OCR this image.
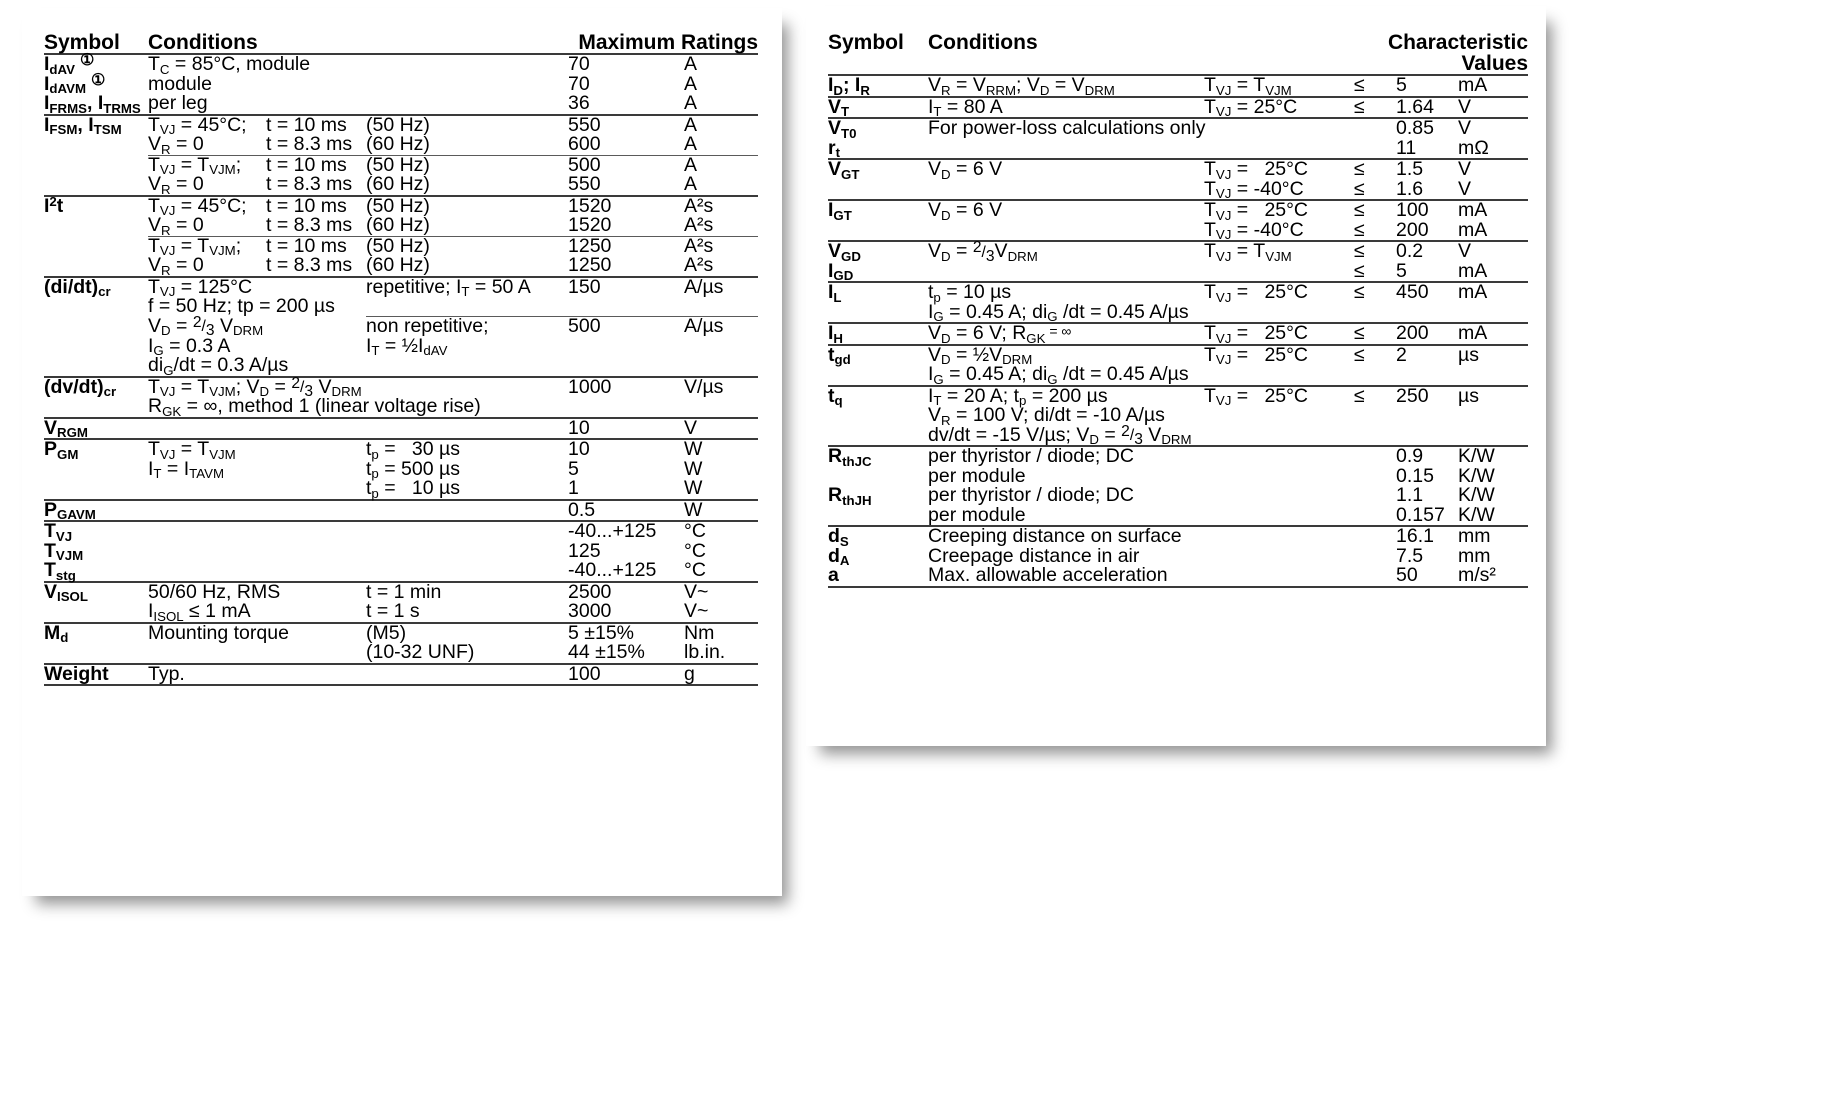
Symbol	Conditions			Maximum Ratings	
$I_{dAV}$ ①	$T_C = 85^\circ C$, module			70	A
$I_{dAVM}$ ①	module			70	A
$I_{FRMS}$, $I_{TRMS}$	per leg			36	A
$I_{FSM}$, $I_{TSM}$	$T_{VJ} = 45^\circ C$;	t = 10 ms	(50 Hz)	550	A
	$V_R = 0$	t = 8.3 ms	(60 Hz)	600	A
	$T_{VJ} = T_{VJM}$;	t = 10 ms	(50 Hz)	500	A
	$V_R = 0$	t = 8.3 ms	(60 Hz)	550	A
$I^2t$	$T_{VJ} = 45^\circ C$;	t = 10 ms	(50 Hz)	1520	A²s
	$V_R = 0$	t = 8.3 ms	(60 Hz)	1520	A²s
	$T_{VJ} = T_{VJM}$;	t = 10 ms	(50 Hz)	1250	A²s
	$V_R = 0$	t = 8.3 ms	(60 Hz)	1250	A²s
$(di/dt)_{cr}$	$T_{VJ} = 125^\circ C$		repetitive; $I_T = 50$ A	150	A/µs
	f = 50 Hz; tp = 200 µs				
	$V_D = 2/3$ $V_{DRM}$		non repetitive;	500	A/µs
	$I_G = 0.3$ A		$I_T$ = $\frac{1}{2}I_{dAV}$		
	$di_G/dt = 0.3$ A/µs				
$(dv/dt)_{cr}$	$T_{VJ} = T_{VJM}$; $V_D = 2/3$ $V_{DRM}$			1000	V/µs
	$R_{GK}$ = ∞, method 1 (linear voltage rise)				
$V_{RGM}$				10	V
$P_{GM}$	$T_{VJ} = T_{VJM}$		$t_p = 30$ µs	10	W
	$I_T = I_{TAVM}$		$t_p = 500$ µs	5	W
			$t_p = 10$ µs	1	W
$P_{GAVM}$				0.5	W
$T_{VJ}$				-40...+125	°C
$T_{VJM}$				125	°C
$T_{stg}$				-40...+125	°C
$V_{ISOL}$	50/60 Hz, RMS		t = 1 min	2500	V~
	$I_{ISOL} \le 1$ mA		t = 1 s	3000	V~
$M_d$	Mounting torque		(M5)	5 ±15%	Nm
			(10-32 UNF)	44 ±15%	lb.in.
Weight	Typ.			100	g
Symbol	Conditions		Characteristic Values		
$I_D$; $I_R$	$V_R = V_{RRM}$; $V_D = V_{DRM}$	$T_{VJ} = T_{VJM}$	≤	5	mA
$V_T$	$I_T = 80$ A	$T_{VJ} = 25^\circ C$	≤	1.64	V
$V_{T0}$	For power-loss calculations only			0.85	V
$r_t$				11	mΩ
$V_{GT}$	$V_D = 6$ V	$T_{VJ} = 25^\circ C$	≤	1.5	V
		$T_{VJ} = -40^\circ C$	≤	1.6	V
$I_{GT}$	$V_D = 6$ V	$T_{VJ} = 25^\circ C$	≤	100	mA
		$T_{VJ} = -40^\circ C$	≤	200	mA
$V_{GD}$	$V_D = 2/3V_{DRM}$	$T_{VJ} = T_{VJM}$	≤	0.2	V
$I_{GD}$			≤	5	mA
$I_L$	$t_p = 10$ µs	$T_{VJ} = 25^\circ C$	≤	450	mA
	$I_G = 0.45$ A; $di_G$ /dt = 0.45 A/µs				
$I_H$	$V_D = 6$ V; $R_{GK}$ = ∞	$T_{VJ} = 25^\circ C$	≤	200	mA
$t_{gd}$	$V_D$ = $\frac{1}{2}V_{DRM}$	$T_{VJ} = 25^\circ C$	≤	2	µs
	$I_G = 0.45$ A; $di_G$ /dt = 0.45 A/µs				
$t_q$	$I_T = 20$ A; $t_p = 200$ µs	$T_{VJ} = 25^\circ C$	≤	250	µs
	$V_R = 100$ V; di/dt = -10 A/µs				
	dv/dt = -15 V/µs; $V_D = 2/3$ $V_{DRM}$			
$R_{thJC}$	per thyristor / diode; DC			0.9	K/W
	per module			0.15	K/W
$R_{thJH}$	per thyristor / diode; DC			1.1	K/W
	per module			0.157	K/W
$d_S$	Creeping distance on surface			16.1	mm
$d_A$	Creepage distance in air			7.5	mm
a	Max. allowable acceleration			50	m/s²
